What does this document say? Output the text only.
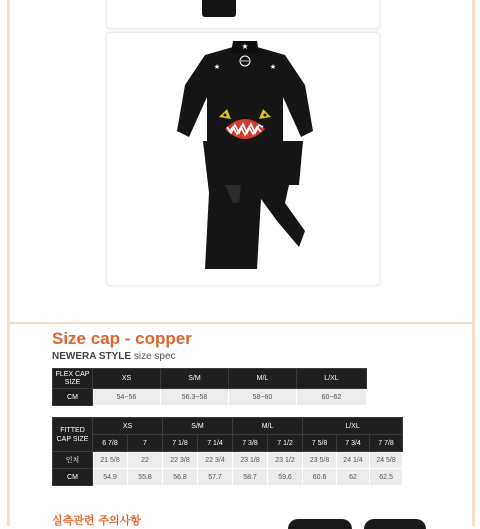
★
★	★
Size cap - copper
NEWERA STYLE size spec
FLEX CAP SIZE	XS	S/M	M/L	L/XL
CM	54~56	56.3~58	58~60	60~62
FITTED CAP SIZE	XS		S/M		M/L		L/XL		
	6 7/8	7	7 1/8	7 1/4	7 3/8	7 1/2	7 5/8	7 3/4	7 7/8
인치	21 5/8	22	22 3/8	22 3/4	23 1/8	23 1/2	23 5/8	24 1/4	24 5/8
CM	54.9	55.8	56.8	57.7	58.7	59.6	60.6	62	62.5
실측관련 주의사항
